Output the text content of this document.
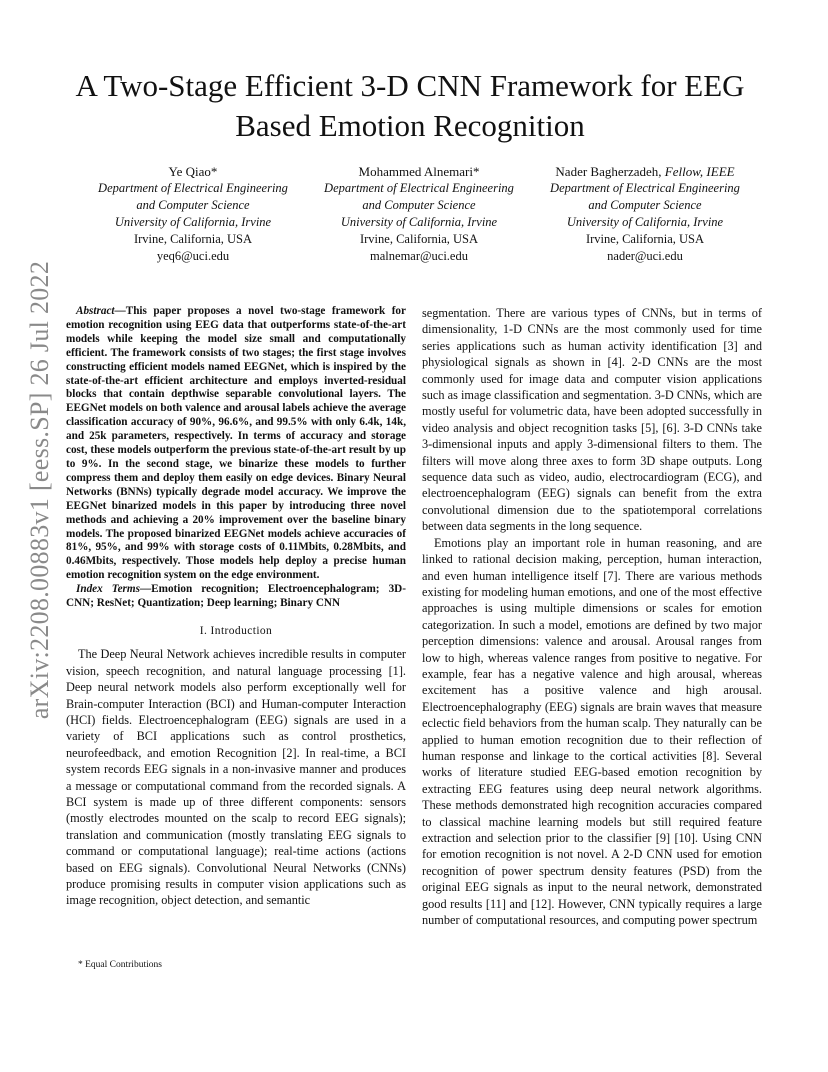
arXiv:2208.00883v1 [eess.SP] 26 Jul 2022
A Two-Stage Efficient 3-D CNN Framework for EEG Based Emotion Recognition
Ye Qiao*
Department of Electrical Engineering
and Computer Science
University of California, Irvine
Irvine, California, USA
yeq6@uci.edu
Mohammed Alnemari*
Department of Electrical Engineering
and Computer Science
University of California, Irvine
Irvine, California, USA
malnemar@uci.edu
Nader Bagherzadeh, Fellow, IEEE
Department of Electrical Engineering
and Computer Science
University of California, Irvine
Irvine, California, USA
nader@uci.edu

Abstract—This paper proposes a novel two-stage framework for emotion recognition using EEG data that outperforms state-of-the-art models while keeping the model size small and computationally efficient. The framework consists of two stages; the first stage involves constructing efficient models named EEGNet, which is inspired by the state-of-the-art efficient architecture and employs inverted-residual blocks that contain depthwise separable convolutional layers. The EEGNet models on both valence and arousal labels achieve the average classification accuracy of 90%, 96.6%, and 99.5% with only 6.4k, 14k, and 25k parameters, respectively. In terms of accuracy and storage cost, these models outperform the previous state-of-the-art result by up to 9%. In the second stage, we binarize these models to further compress them and deploy them easily on edge devices. Binary Neural Networks (BNNs) typically degrade model accuracy. We improve the EEGNet binarized models in this paper by introducing three novel methods and achieving a 20% improvement over the baseline binary models. The proposed binarized EEGNet models achieve accuracies of 81%, 95%, and 99% with storage costs of 0.11Mbits, 0.28Mbits, and 0.46Mbits, respectively. Those models help deploy a precise human emotion recognition system on the edge environment.

Index Terms—Emotion recognition; Electroencephalogram; 3D-CNN; ResNet; Quantization; Deep learning; Binary CNN

I. Introduction

The Deep Neural Network achieves incredible results in computer vision, speech recognition, and natural language processing [1]. Deep neural network models also perform exceptionally well for Brain-computer Interaction (BCI) and Human-computer Interaction (HCI) fields. Electroencephalogram (EEG) signals are used in a variety of BCI applications such as control prosthetics, neurofeedback, and emotion Recognition [2]. In real-time, a BCI system records EEG signals in a non-invasive manner and produces a message or computational command from the recorded signals. A BCI system is made up of three different components: sensors (mostly electrodes mounted on the scalp to record EEG signals); translation and communication (mostly translating EEG signals to command or computational language); real-time actions (actions based on EEG signals). Convolutional Neural Networks (CNNs) produce promising results in computer vision applications such as image recognition, object detection, and semantic

segmentation. There are various types of CNNs, but in terms of dimensionality, 1-D CNNs are the most commonly used for time series applications such as human activity identification [3] and physiological signals as shown in [4]. 2-D CNNs are the most commonly used for image data and computer vision applications such as image classification and segmentation. 3-D CNNs, which are mostly useful for volumetric data, have been adopted successfully in video analysis and object recognition tasks [5], [6]. 3-D CNNs take 3-dimensional inputs and apply 3-dimensional filters to them. The filters will move along three axes to form 3D shape outputs. Long sequence data such as video, audio, electrocardiogram (ECG), and electroencephalogram (EEG) signals can benefit from the extra convolutional dimension due to the spatiotemporal correlations between data segments in the long sequence.

Emotions play an important role in human reasoning, and are linked to rational decision making, perception, human interaction, and even human intelligence itself [7]. There are various methods existing for modeling human emotions, and one of the most effective approaches is using multiple dimensions or scales for emotion categorization. In such a model, emotions are defined by two major perception dimensions: valence and arousal. Arousal ranges from low to high, whereas valence ranges from positive to negative. For example, fear has a negative valence and high arousal, whereas excitement has a positive valence and high arousal. Electroencephalography (EEG) signals are brain waves that measure eclectic field behaviors from the human scalp. They naturally can be applied to human emotion recognition due to their reflection of human response and linkage to the cortical activities [8]. Several works of literature studied EEG-based emotion recognition by extracting EEG features using deep neural network algorithms. These methods demonstrated high recognition accuracies compared to classical machine learning models but still required feature extraction and selection prior to the classifier [9] [10]. Using CNN for emotion recognition is not novel. A 2-D CNN used for emotion recognition of power spectrum density features (PSD) from the original EEG signals as input to the neural network, demonstrated good results [11] and [12]. However, CNN typically requires a large number of computational resources, and computing power spectrum

* Equal Contributions
